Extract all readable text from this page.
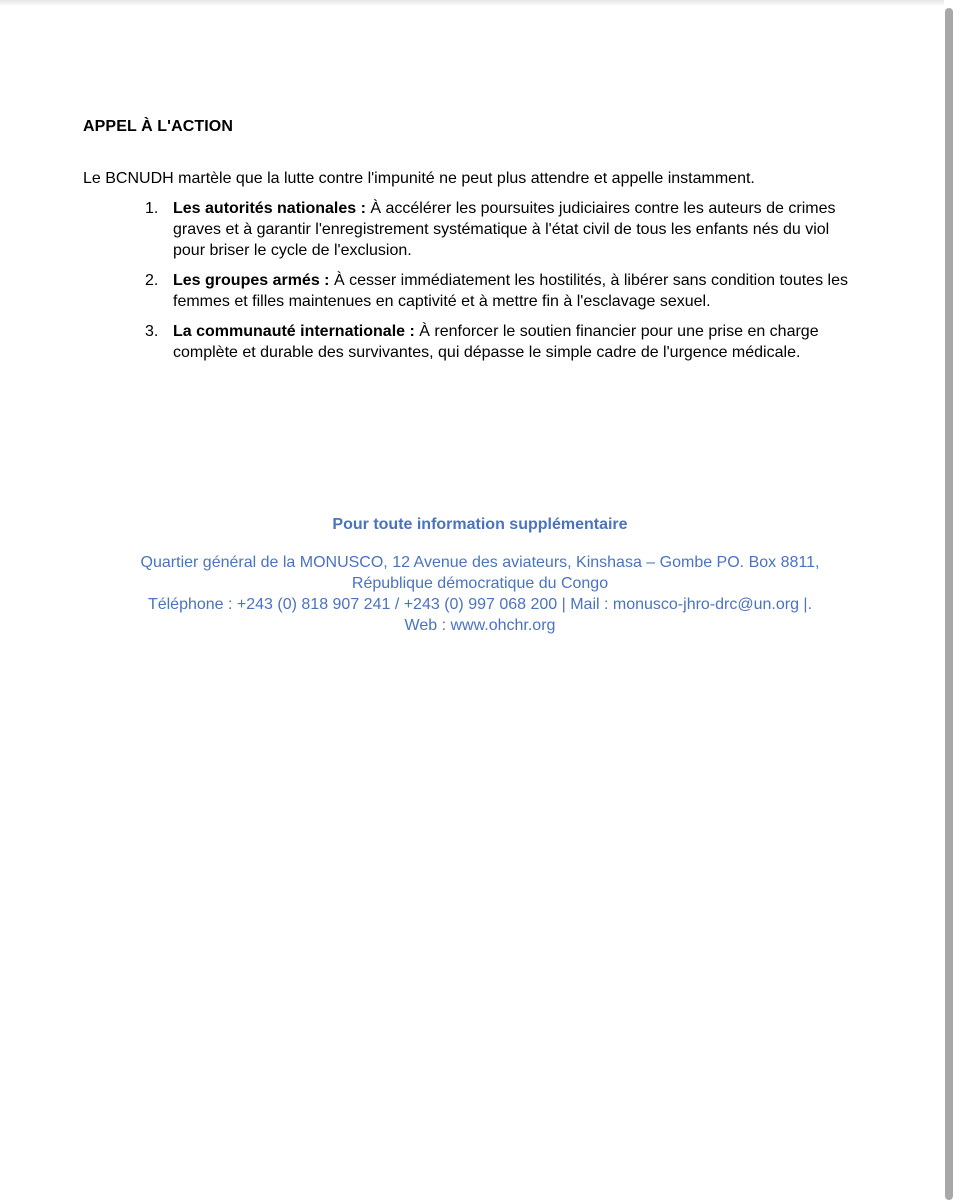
APPEL À L'ACTION

Le BCNUDH martèle que la lutte contre l'impunité ne peut plus attendre et appelle instamment.

1. Les autorités nationales : À accélérer les poursuites judiciaires contre les auteurs de crimes graves et à garantir l'enregistrement systématique à l'état civil de tous les enfants nés du viol pour briser le cycle de l'exclusion.
2. Les groupes armés : À cesser immédiatement les hostilités, à libérer sans condition toutes les femmes et filles maintenues en captivité et à mettre fin à l'esclavage sexuel.
3. La communauté internationale : À renforcer le soutien financier pour une prise en charge complète et durable des survivantes, qui dépasse le simple cadre de l'urgence médicale.

Pour toute information supplémentaire

Quartier général de la MONUSCO, 12 Avenue des aviateurs, Kinshasa – Gombe PO. Box 8811,

République démocratique du Congo

Téléphone : +243 (0) 818 907 241 / +243 (0) 997 068 200 | Mail : monusco-jhro-drc@un.org |.

Web : www.ohchr.org
